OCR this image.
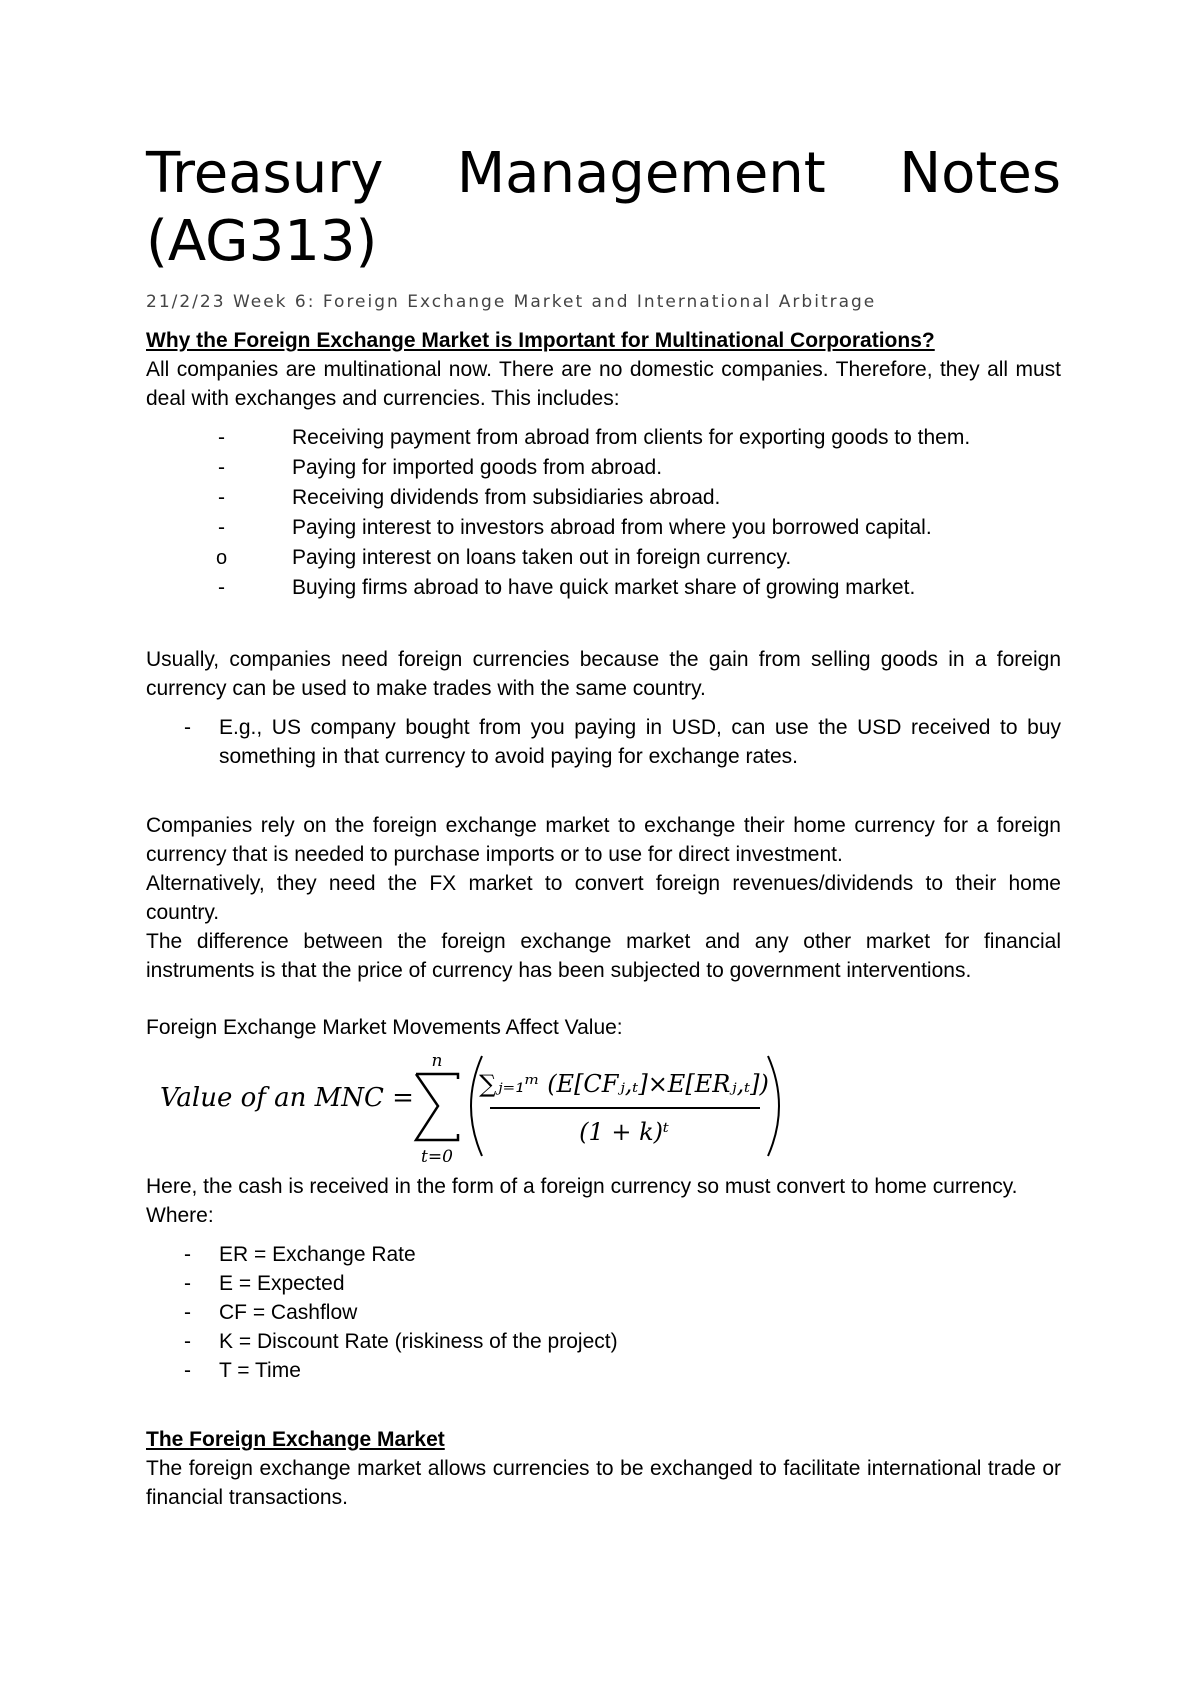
Treasury Management Notes
(AG313)
21/2/23 Week 6: Foreign Exchange Market and International Arbitrage
Why the Foreign Exchange Market is Important for Multinational Corporations?

All companies are multinational now. There are no domestic companies. Therefore, they all must deal with exchanges and currencies. This includes:

-	Receiving payment from abroad from clients for exporting goods to them.
-	Paying for imported goods from abroad.
-	Receiving dividends from subsidiaries abroad.
-	Paying interest to investors abroad from where you borrowed capital.
o	Paying interest on loans taken out in foreign currency.
-	Buying firms abroad to have quick market share of growing market.

Usually, companies need foreign currencies because the gain from selling goods in a foreign currency can be used to make trades with the same country.

-	E.g., US company bought from you paying in USD, can use the USD received to buy something in that currency to avoid paying for exchange rates.

Companies rely on the foreign exchange market to exchange their home currency for a foreign currency that is needed to purchase imports or to use for direct investment.

Alternatively, they need the FX market to convert foreign revenues/dividends to their home country.

The difference between the foreign exchange market and any other market for financial instruments is that the price of currency has been subjected to government interventions.

Foreign Exchange Market Movements Affect Value:

Value of an MNC =
n
t=0
∑ⱼ₌₁ᵐ (E[CFⱼ,ₜ]×E[ERⱼ,ₜ])
(1 + k)ᵗ

Here, the cash is received in the form of a foreign currency so must convert to home currency.

Where:

-	ER = Exchange Rate
-	E = Expected
-	CF = Cashflow
-	K = Discount Rate (riskiness of the project)
-	T = Time
The Foreign Exchange Market

The foreign exchange market allows currencies to be exchanged to facilitate international trade or financial transactions.
